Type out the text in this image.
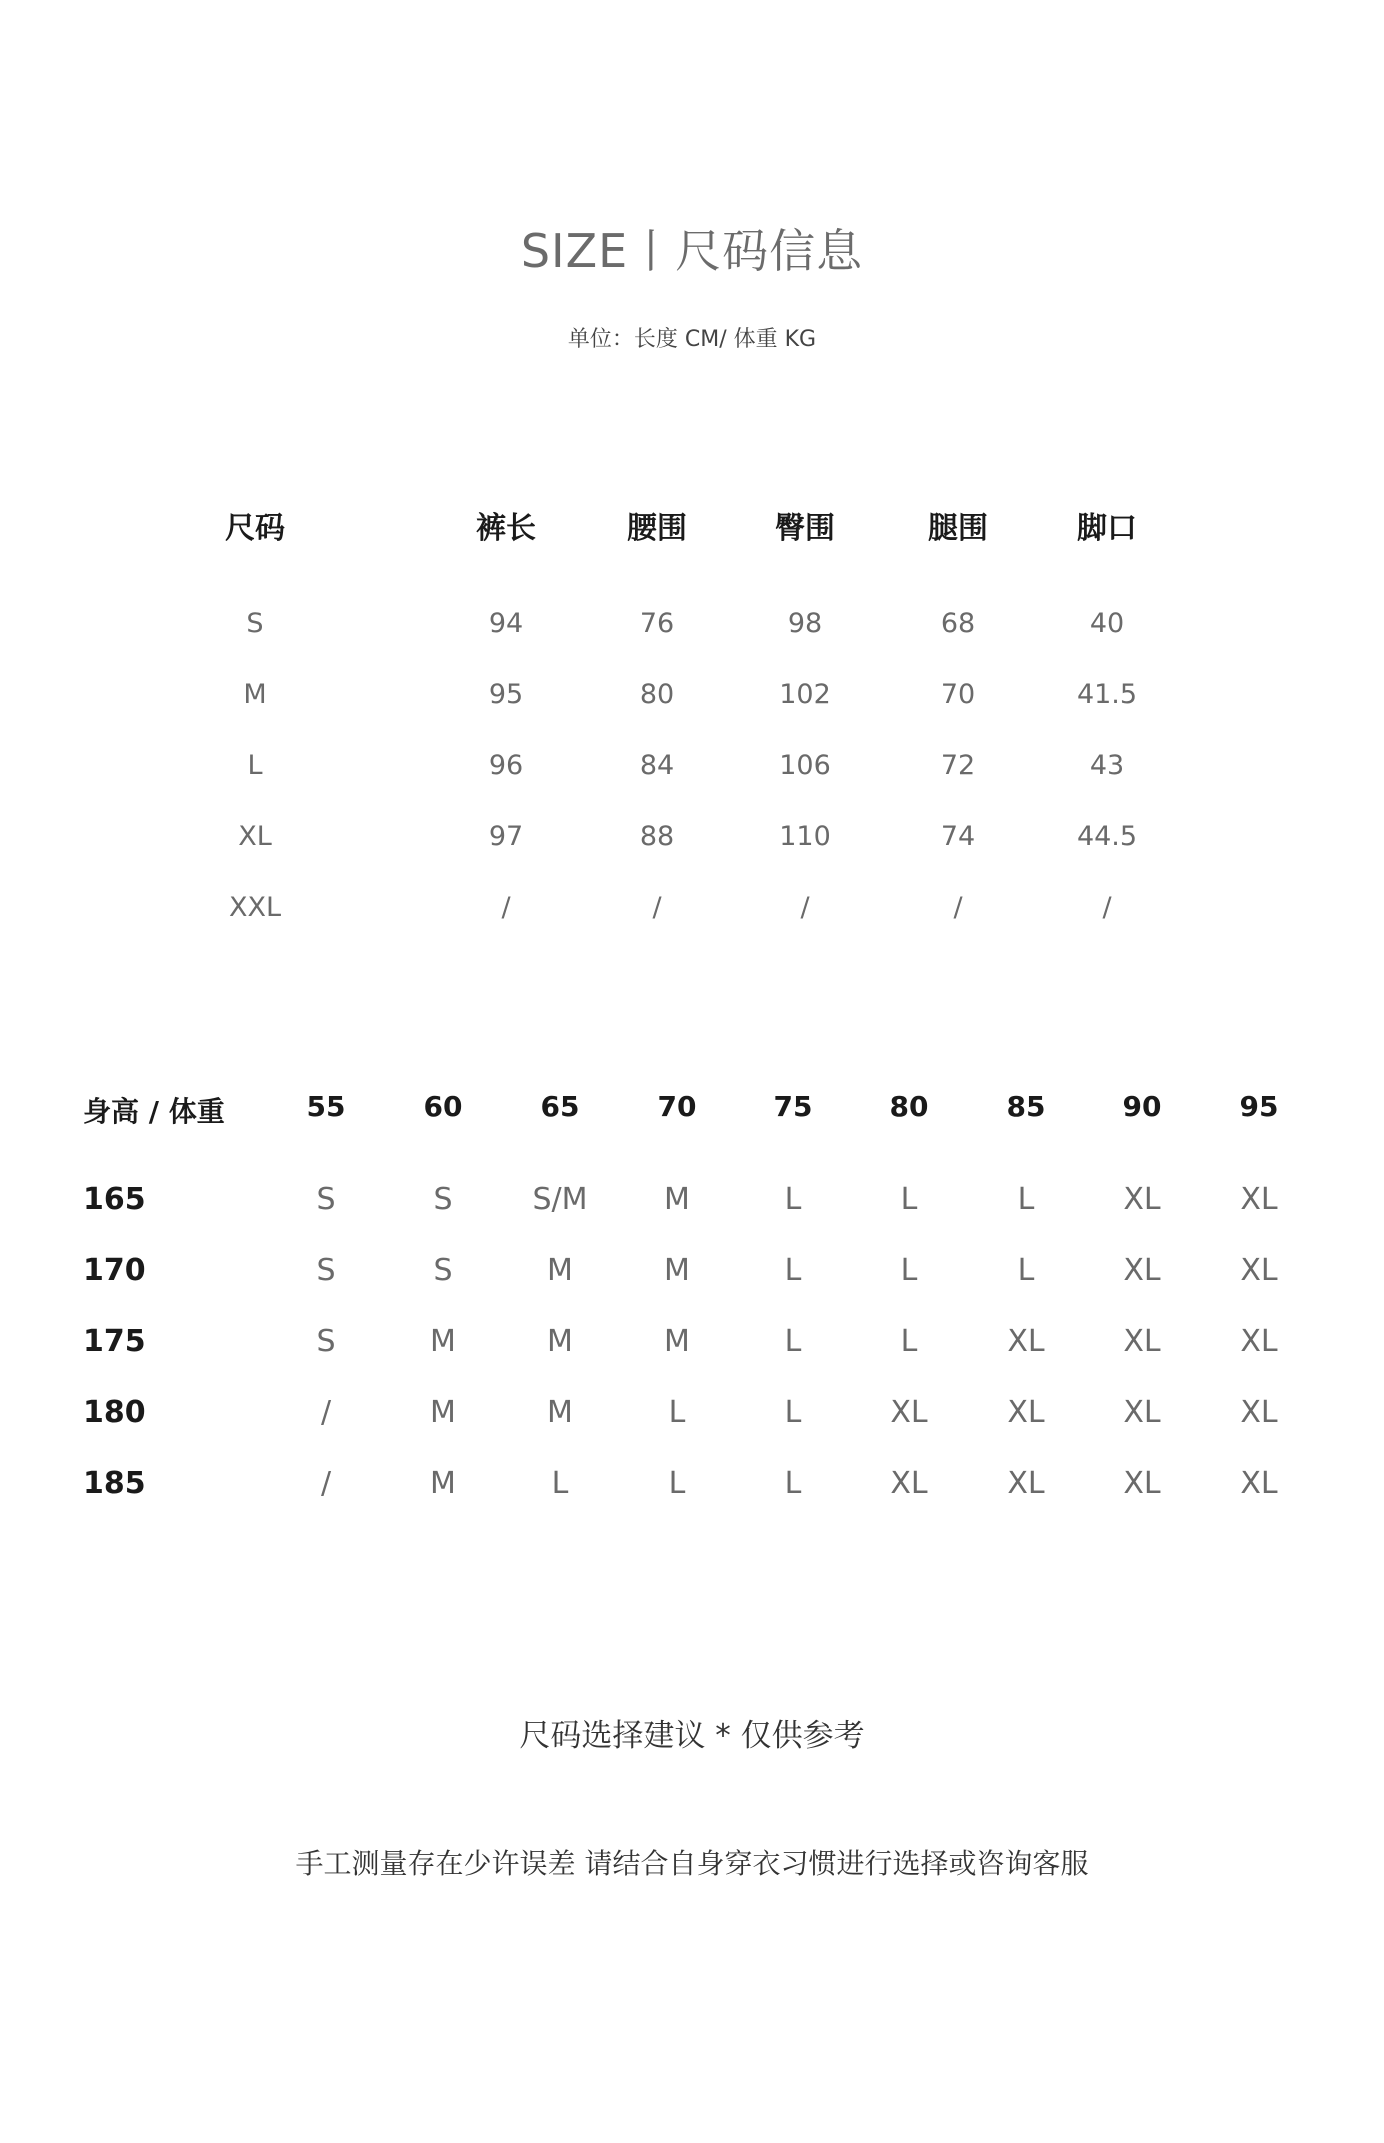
SIZE丨尺码信息
单位：长度 CM/ 体重 KG
尺码	裤长	腰围	臀围	腿围	脚口
S	94	76	98	68	40
M	95	80	102	70	41.5
L	96	84	106	72	43
XL	97	88	110	74	44.5
XXL	/	/	/	/	/
身高 / 体重	55	60	65	70	75	80	85	90	95
165	S	S	S/M	M	L	L	L	XL	XL
170	S	S	M	M	L	L	L	XL	XL
175	S	M	M	M	L	L	XL	XL	XL
180	/	M	M	L	L	XL	XL	XL	XL
185	/	M	L	L	L	XL	XL	XL	XL
尺码选择建议 * 仅供参考
手工测量存在少许误差 请结合自身穿衣习惯进行选择或咨询客服
